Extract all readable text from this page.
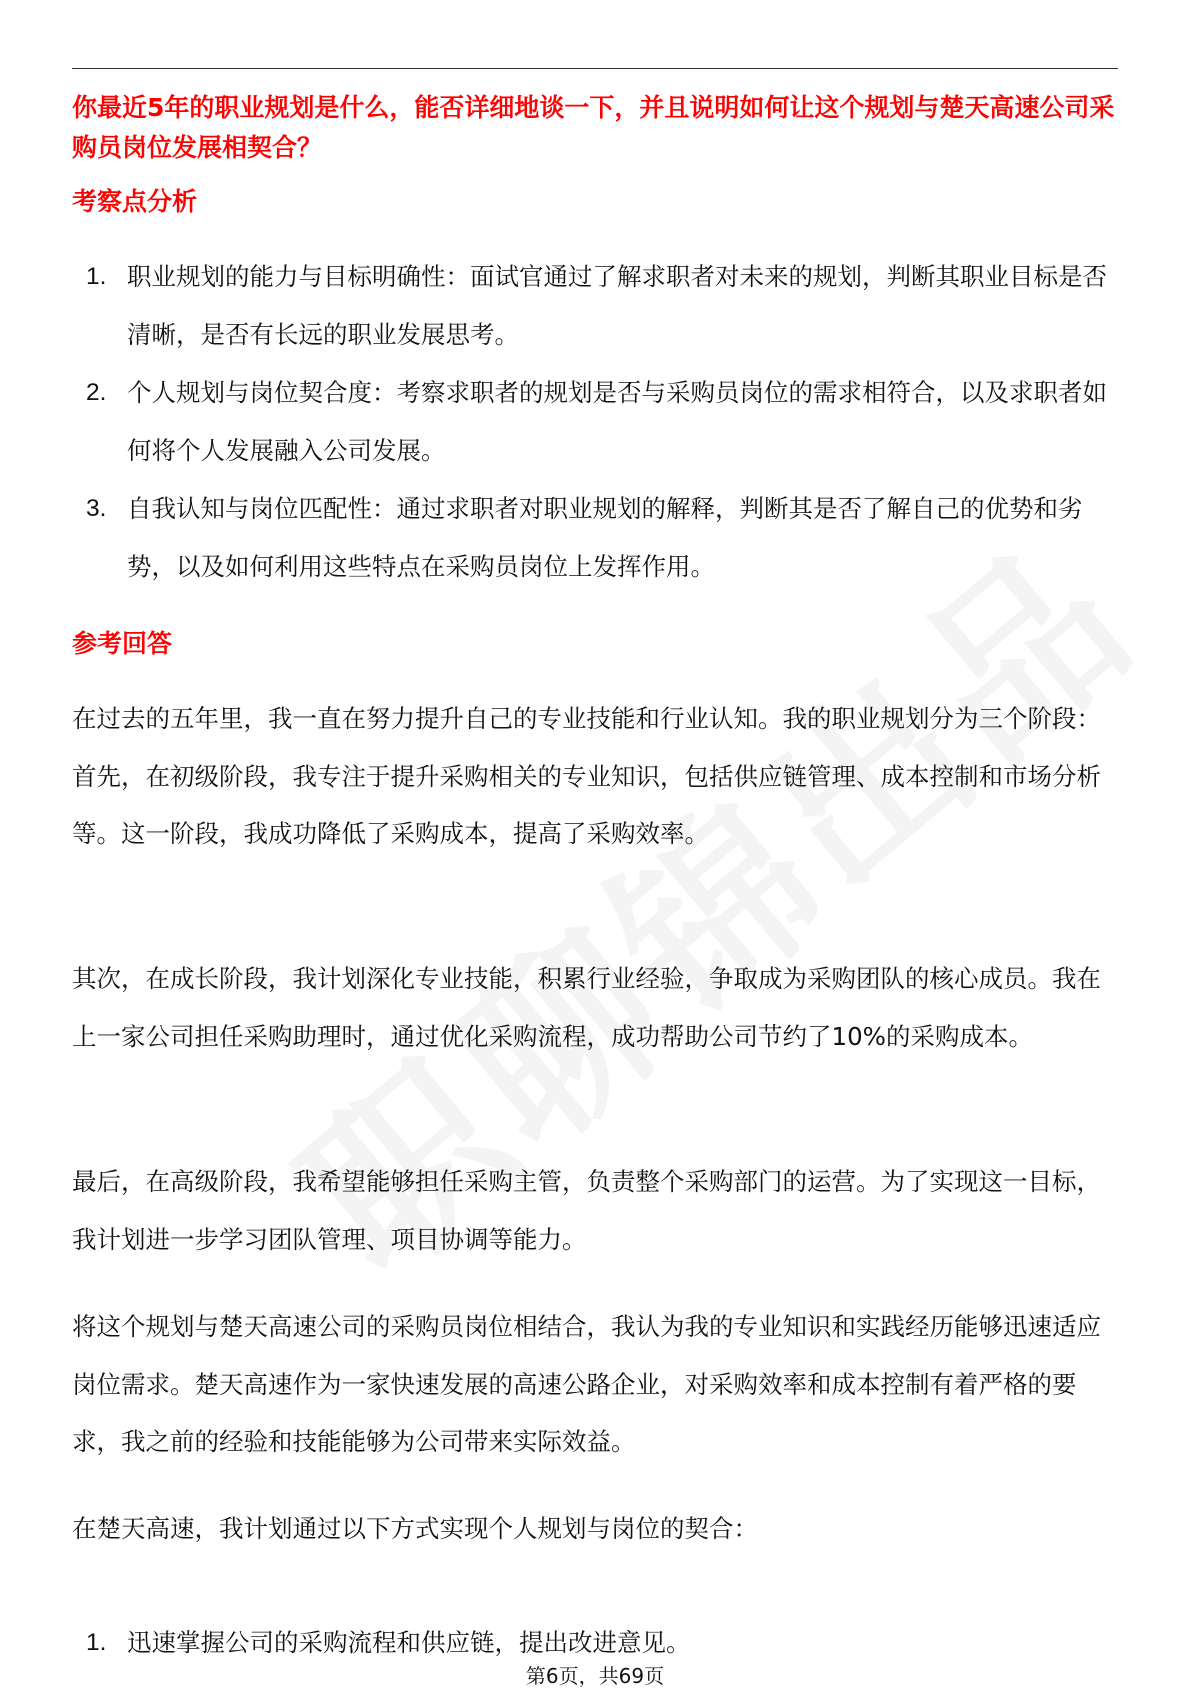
你最近5年的职业规划是什么，能否详细地谈一下，并且说明如何让这个规划与楚天高速公司采购员岗位发展相契合？
考察点分析
1. 职业规划的能力与目标明确性：面试官通过了解求职者对未来的规划，判断其职业目标是否清晰，是否有长远的职业发展思考。
2. 个人规划与岗位契合度：考察求职者的规划是否与采购员岗位的需求相符合，以及求职者如何将个人发展融入公司发展。
3. 自我认知与岗位匹配性：通过求职者对职业规划的解释，判断其是否了解自己的优势和劣势，以及如何利用这些特点在采购员岗位上发挥作用。
参考回答

在过去的五年里，我一直在努力提升自己的专业技能和行业认知。我的职业规划分为三个阶段：首先，在初级阶段，我专注于提升采购相关的专业知识，包括供应链管理、成本控制和市场分析等。这一阶段，我成功降低了采购成本，提高了采购效率。

其次，在成长阶段，我计划深化专业技能，积累行业经验，争取成为采购团队的核心成员。我在上一家公司担任采购助理时，通过优化采购流程，成功帮助公司节约了10%的采购成本。

最后，在高级阶段，我希望能够担任采购主管，负责整个采购部门的运营。为了实现这一目标，我计划进一步学习团队管理、项目协调等能力。

将这个规划与楚天高速公司的采购员岗位相结合，我认为我的专业知识和实践经历能够迅速适应岗位需求。楚天高速作为一家快速发展的高速公路企业，对采购效率和成本控制有着严格的要求，我之前的经验和技能能够为公司带来实际效益。

在楚天高速，我计划通过以下方式实现个人规划与岗位的契合：

1. 迅速掌握公司的采购流程和供应链，提出改进意见。
第6页，共69页
